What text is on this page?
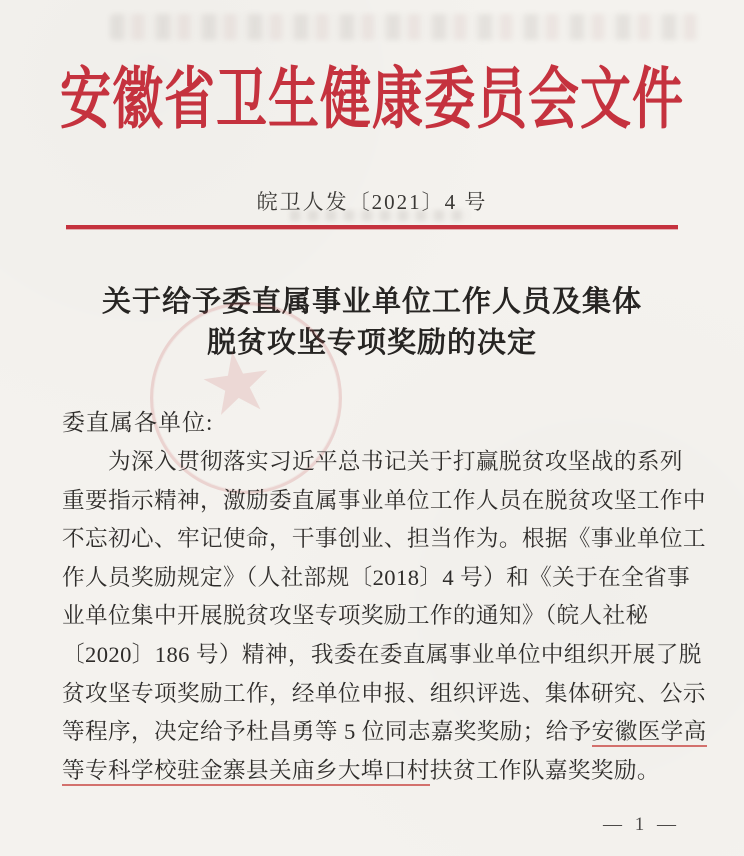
安徽省卫生健康委员会文件
皖卫人发〔2021〕4 号
关于给予委直属事业单位工作人员及集体
脱贫攻坚专项奖励的决定
★
委直属各单位:
为深入贯彻落实习近平总书记关于打赢脱贫攻坚战的系列
重要指示精神，激励委直属事业单位工作人员在脱贫攻坚工作中
不忘初心、牢记使命，干事创业、担当作为。根据《事业单位工
作人员奖励规定》（人社部规〔2018〕4 号）和《关于在全省事
业单位集中开展脱贫攻坚专项奖励工作的通知》（皖人社秘
〔2020〕186 号）精神，我委在委直属事业单位中组织开展了脱
贫攻坚专项奖励工作，经单位申报、组织评选、集体研究、公示
等程序，决定给予杜昌勇等 5 位同志嘉奖奖励；给予安徽医学高
等专科学校驻金寨县关庙乡大埠口村扶贫工作队嘉奖奖励。
— 1 —
